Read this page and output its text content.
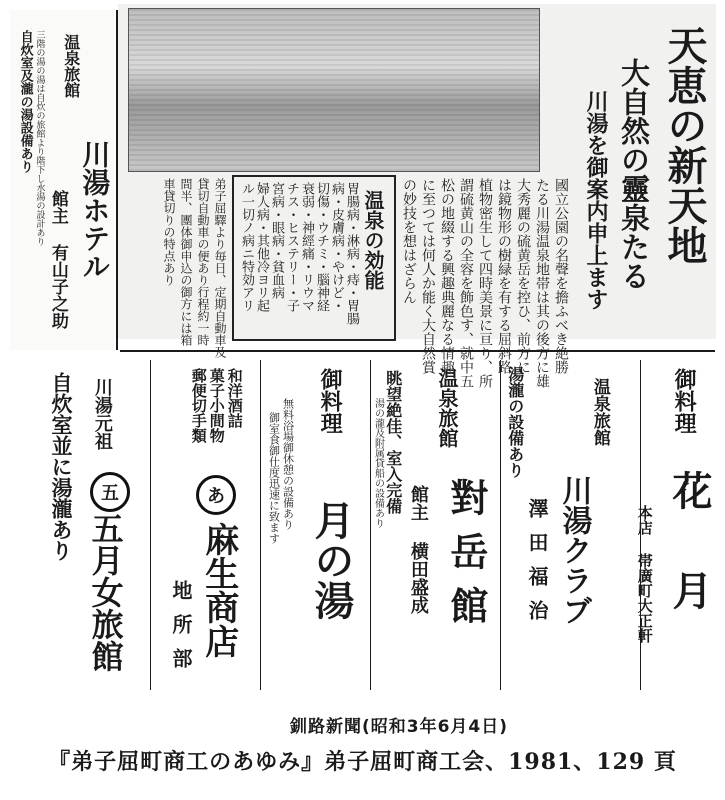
天恵の新天地
大自然の靈泉たる
川湯を御案内申上ます
國立公園の名聲を擔ふべき絶勝
たる川湯温泉地帯は其の後方に雄
大秀麗の硫黄岳を控ひ、前方に
は鏡物形の樹緑を有する屈斜路
植物密生して四時美景に亘り、所
謂硫黄山の全容を飾色す、就中五
松の地綴する興趣典麗なる情趣
に至つては何人か能く大自然賞
の妙技を想はざらん
温泉の効能
胃腸病・淋病・痔・胃腸
病・皮膚病・やけど・
切傷・ウチミ・腦神経
衰弱・神經痛・リウマ
チス・ヒステリー・子
宮病・眼病・貧血病
婦人病・其他冷ヨリ起
ル一切ノ病ニ特効アリ
弟子屈驛より毎日、定期自動車及
貸切自動車の便あり行程約一時
間半、團体御申込の御方には箱
車貸切りの特点あり
自炊室及瀧の湯設備あり 三階の湯の湯は自炊の旅館より階下し水湯の設計あり 温泉旅館
川湯ホテル
館主 有山子之助
御料理
花月
本店 帯廣町大正軒
温泉旅館
湯瀧の設備あり
川湯クラブ
澤田福治
温泉旅館
對岳館
眺望絶佳、室入完備
湯の瀧及附属貸船の設備あり
館主 横田盛成
御料理
月の湯
無料浴場御休憩の設備あり
御室食御仕度迅速に致ます
和洋酒詰
菓子小間物
郵便切手類
あ
麻生商店
地所部
川湯元祖
自炊室並に湯瀧あり	五
五月女旅館
釧路新聞(昭和3年6月4日)
『弟子屈町商工のあゆみ』弟子屈町商工会、1981、129 頁
